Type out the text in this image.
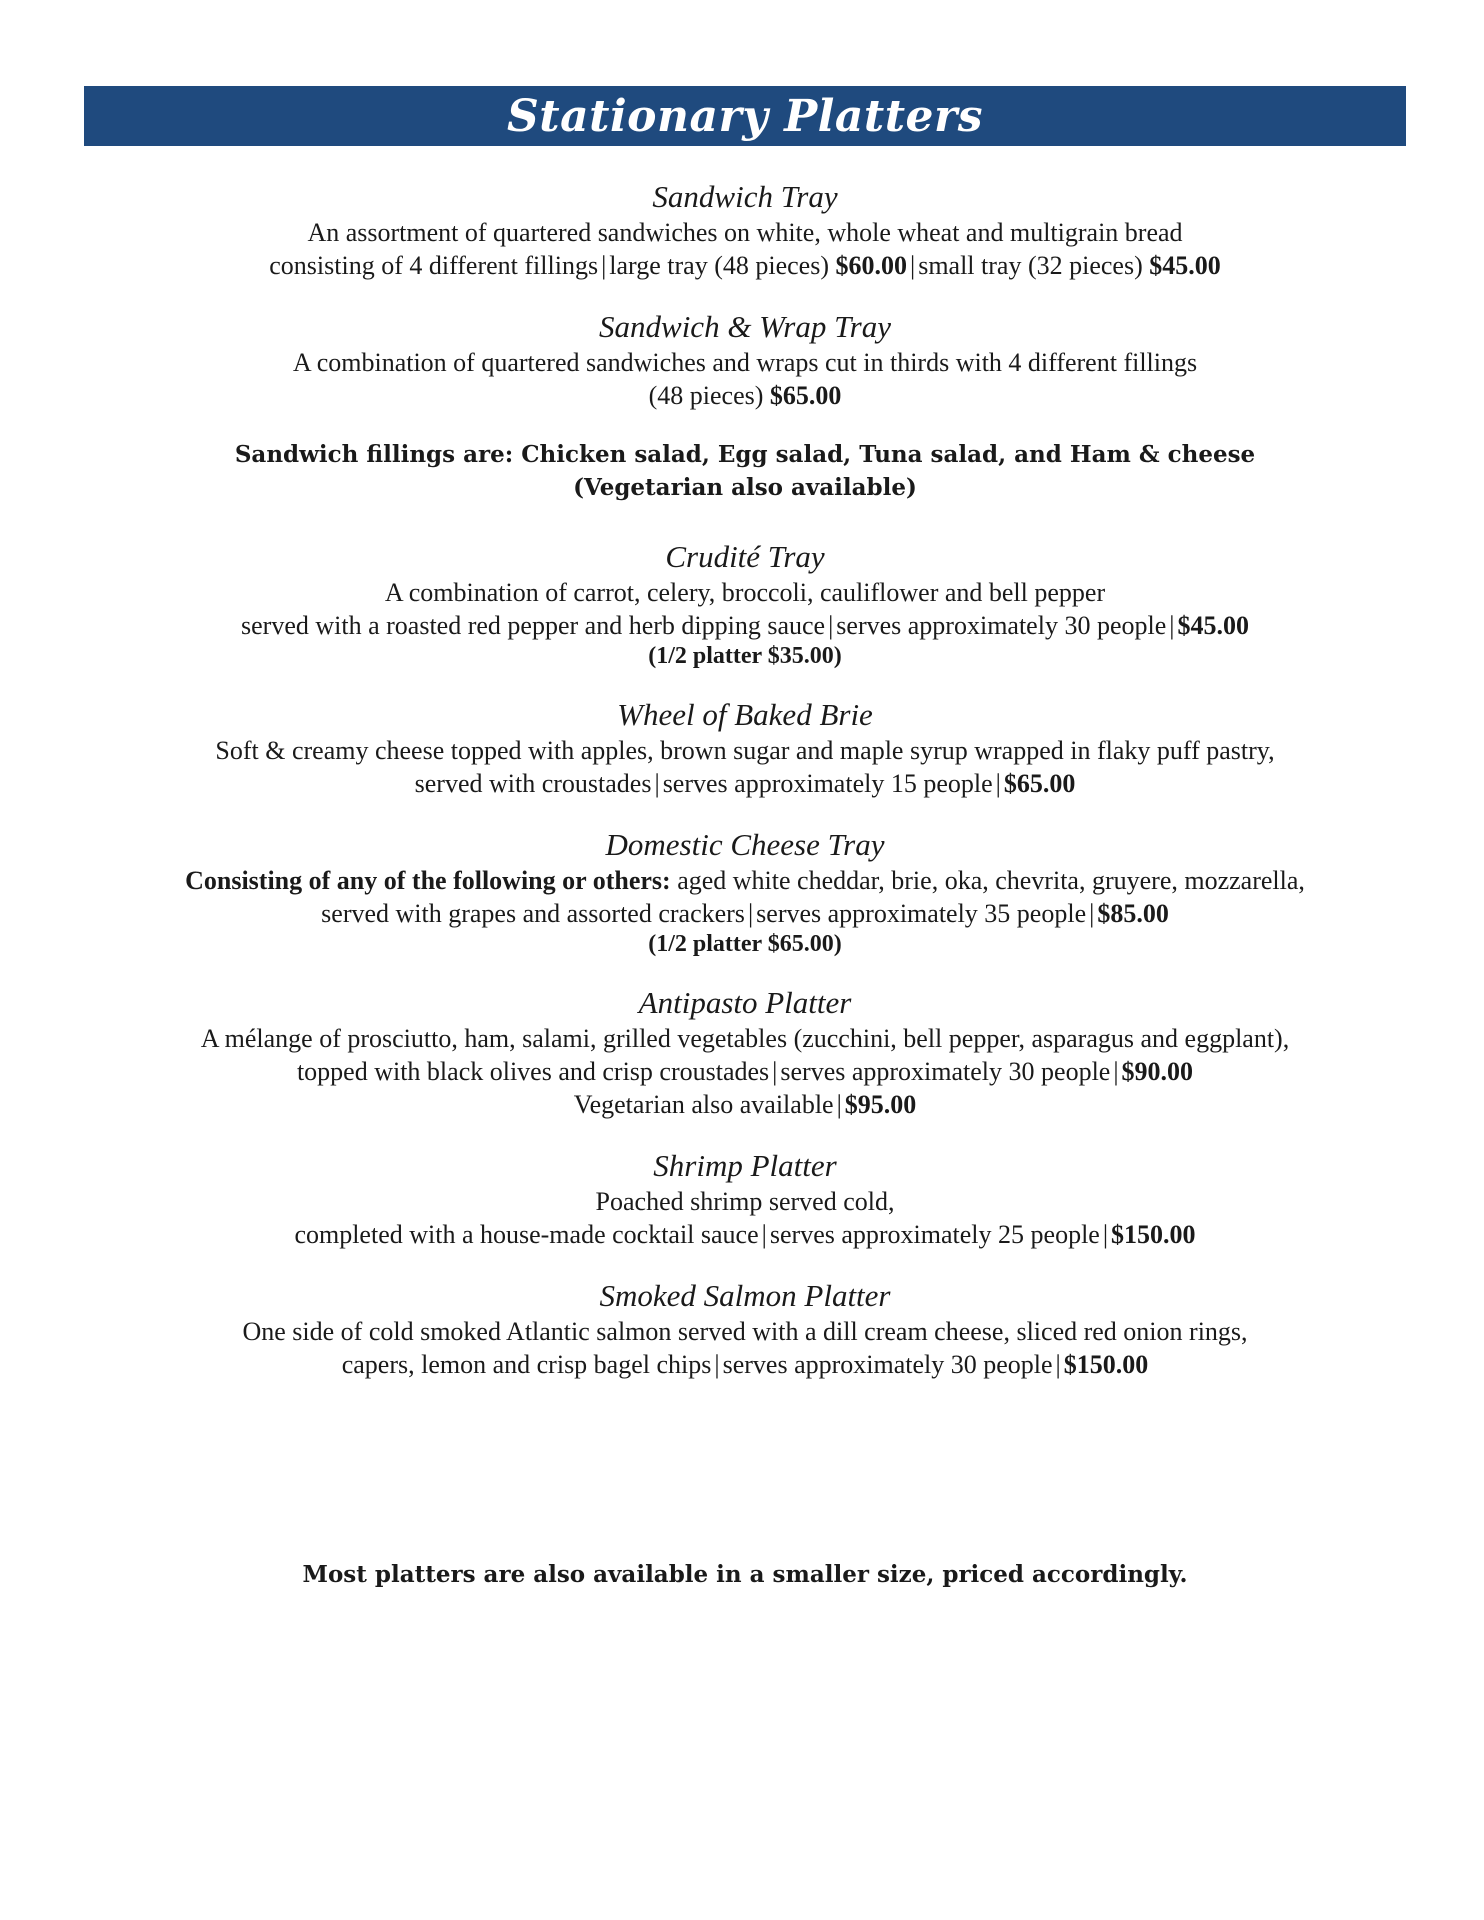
Stationary Platters

Sandwich Tray

An assortment of quartered sandwiches on white, whole wheat and multigrain bread

consisting of 4 different fillings | large tray (48 pieces) $60.00 | small tray (32 pieces) $45.00

Sandwich & Wrap Tray

A combination of quartered sandwiches and wraps cut in thirds with 4 different fillings

(48 pieces) $65.00

Sandwich fillings are: Chicken salad, Egg salad, Tuna salad, and Ham & cheese
(Vegetarian also available)

Crudité Tray

A combination of carrot, celery, broccoli, cauliflower and bell pepper

served with a roasted red pepper and herb dipping sauce | serves approximately 30 people | $45.00

(1/2 platter $35.00)

Wheel of Baked Brie

Soft & creamy cheese topped with apples, brown sugar and maple syrup wrapped in flaky puff pastry,

served with croustades | serves approximately 15 people | $65.00

Domestic Cheese Tray

Consisting of any of the following or others: aged white cheddar, brie, oka, chevrita, gruyere, mozzarella,

served with grapes and assorted crackers | serves approximately 35 people | $85.00

(1/2 platter $65.00)

Antipasto Platter

A mélange of prosciutto, ham, salami, grilled vegetables (zucchini, bell pepper, asparagus and eggplant),

topped with black olives and crisp croustades | serves approximately 30 people | $90.00

Vegetarian also available | $95.00

Shrimp Platter

Poached shrimp served cold,

completed with a house-made cocktail sauce | serves approximately 25 people | $150.00

Smoked Salmon Platter

One side of cold smoked Atlantic salmon served with a dill cream cheese, sliced red onion rings,

capers, lemon and crisp bagel chips | serves approximately 30 people | $150.00

Most platters are also available in a smaller size, priced accordingly.
